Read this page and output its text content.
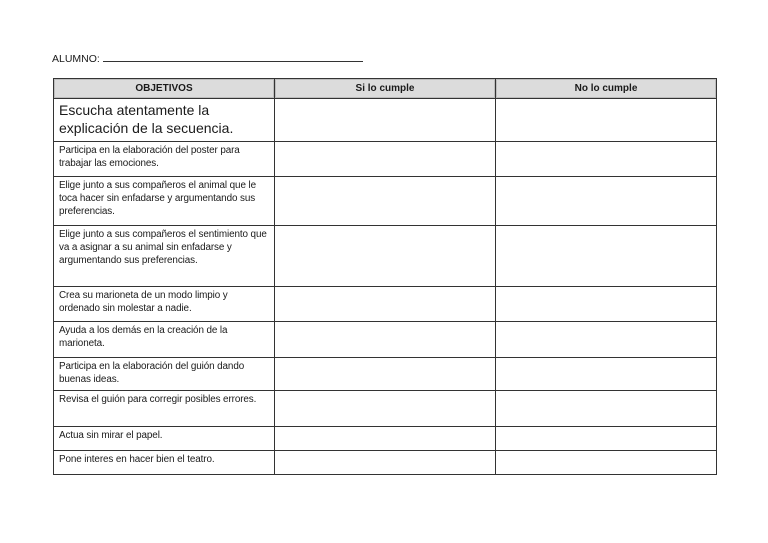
ALUMNO:
OBJETIVOS	Si lo cumple	No lo cumple
Escucha atentamente la explicación de la secuencia.		
Participa en la elaboración del poster para trabajar las emociones.		
Elige junto a sus compañeros el animal que le toca hacer sin enfadarse y argumentando sus preferencias.		
Elige junto a sus compañeros el sentimiento que va a asignar a su animal sin enfadarse y argumentando sus preferencias.		
Crea su marioneta de un modo limpio y ordenado sin molestar a nadie.		
Ayuda a los demás en la creación de la marioneta.		
Participa en la elaboración del guión dando buenas ideas.		
Revisa el guión para corregir posibles errores.		
Actua sin mirar el papel.		
Pone interes en hacer bien el teatro.		
